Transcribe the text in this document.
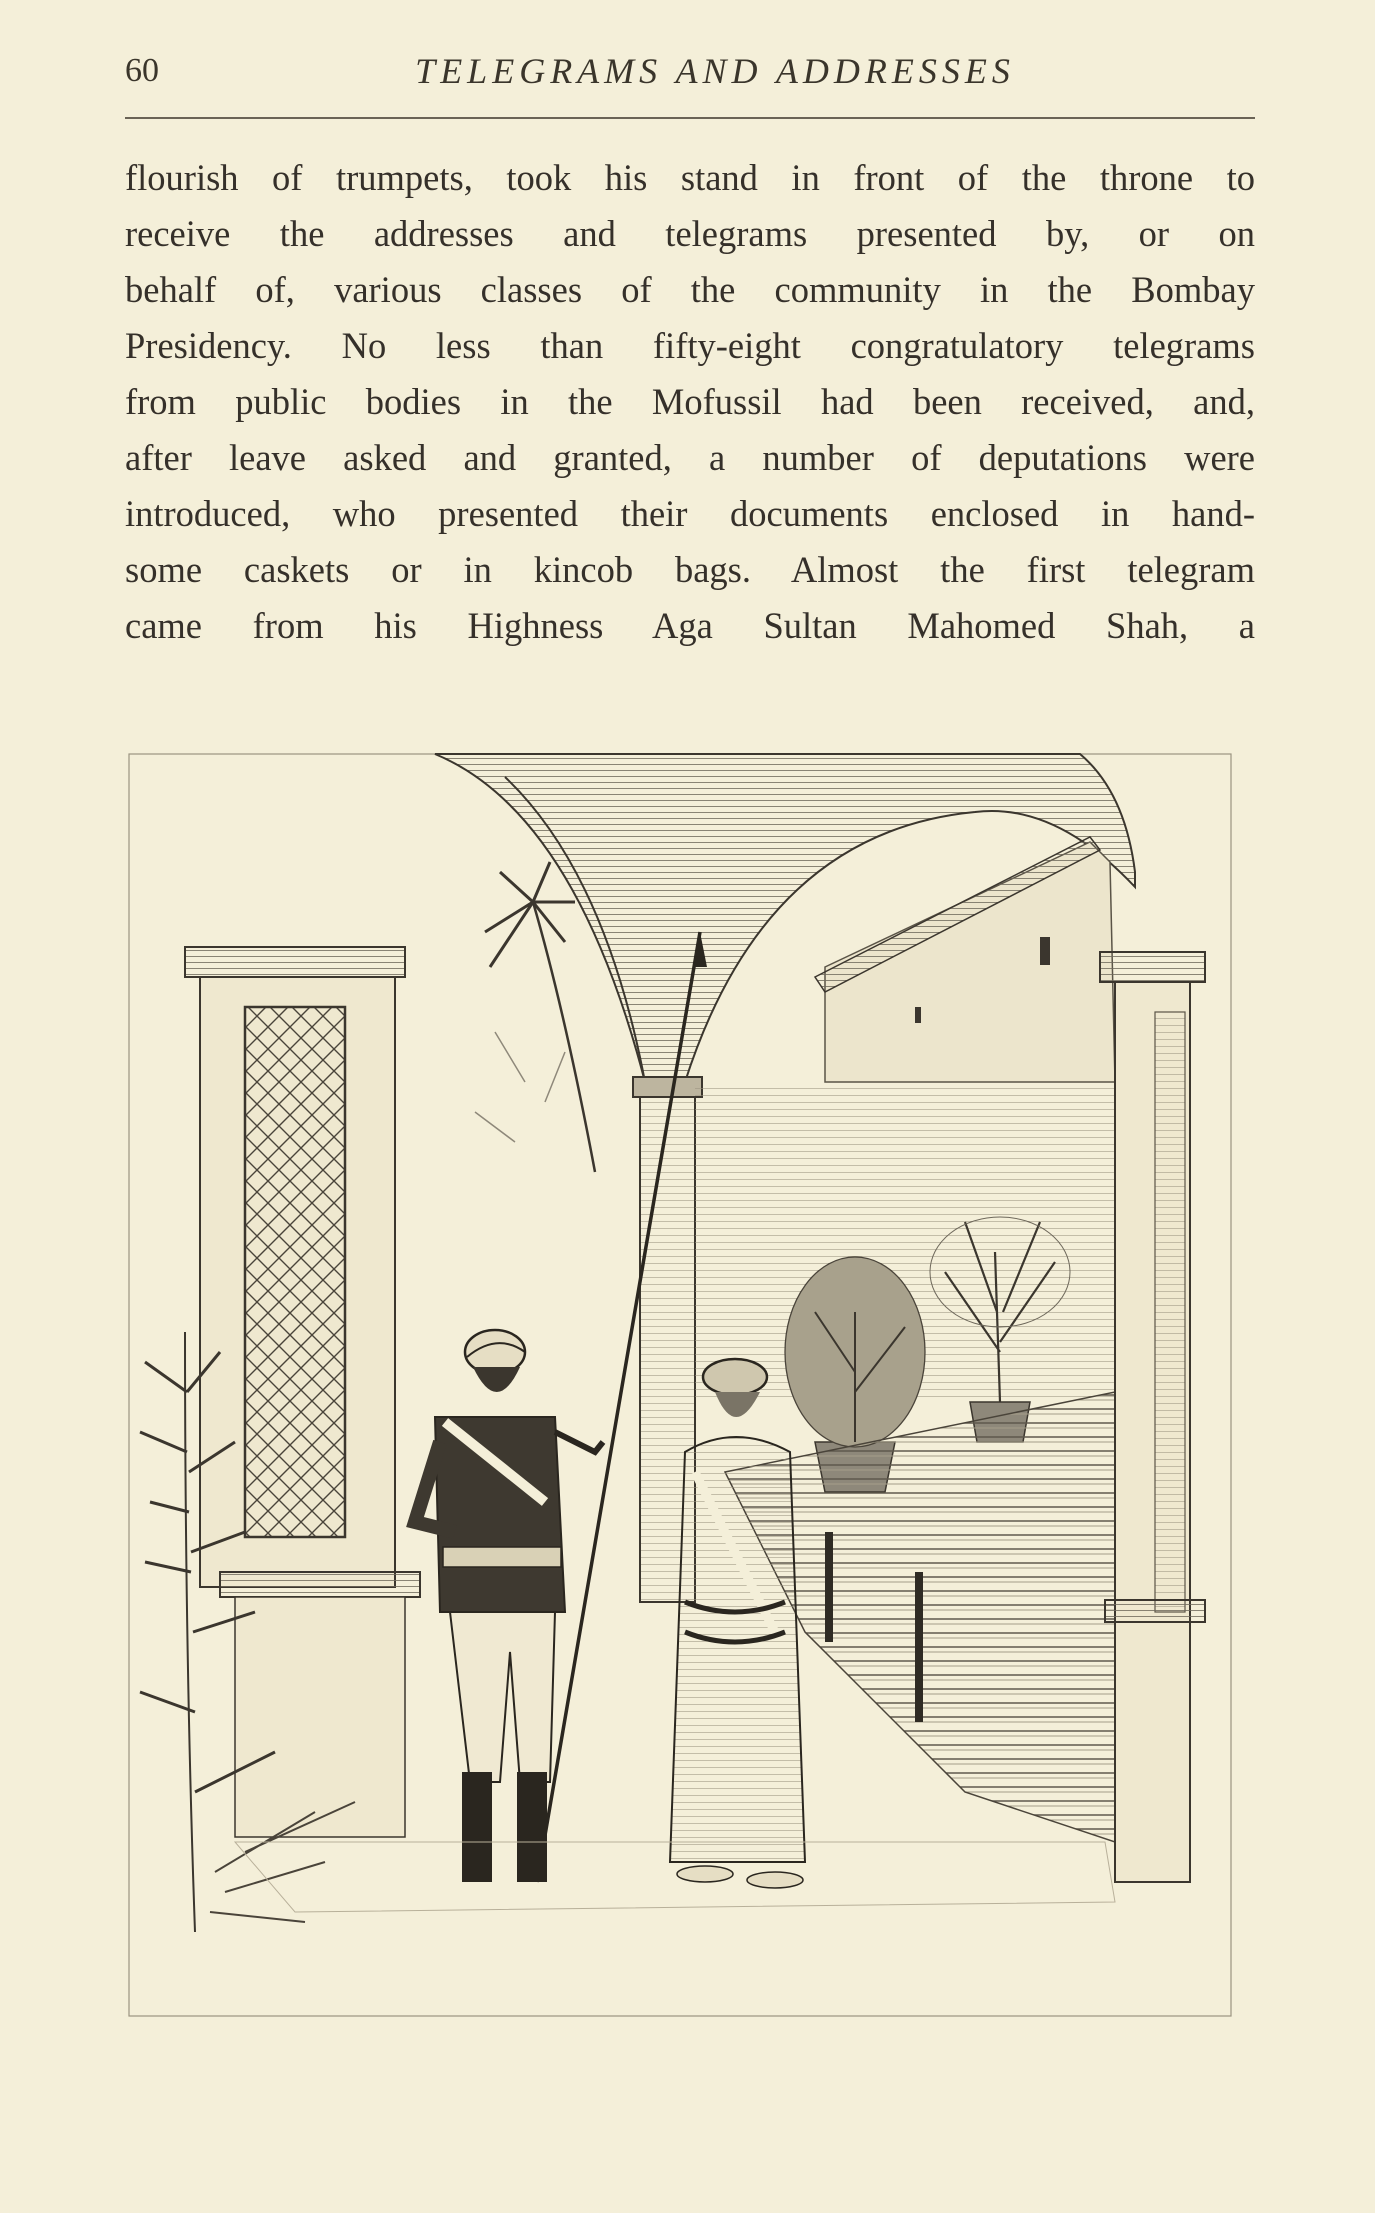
60	TELEGRAMS AND ADDRESSES
flourish of trumpets, took his stand in front of the throne to
receive the addresses and telegrams presented by, or on
behalf of, various classes of the community in the Bombay
Presidency. No less than fifty-eight congratulatory telegrams
from public bodies in the Mofussil had been received, and,
after leave asked and granted, a number of deputations were
introduced, who presented their documents enclosed in hand-
some caskets or in kincob bags. Almost the first telegram
came from his Highness Aga Sultan Mahomed Shah, a
